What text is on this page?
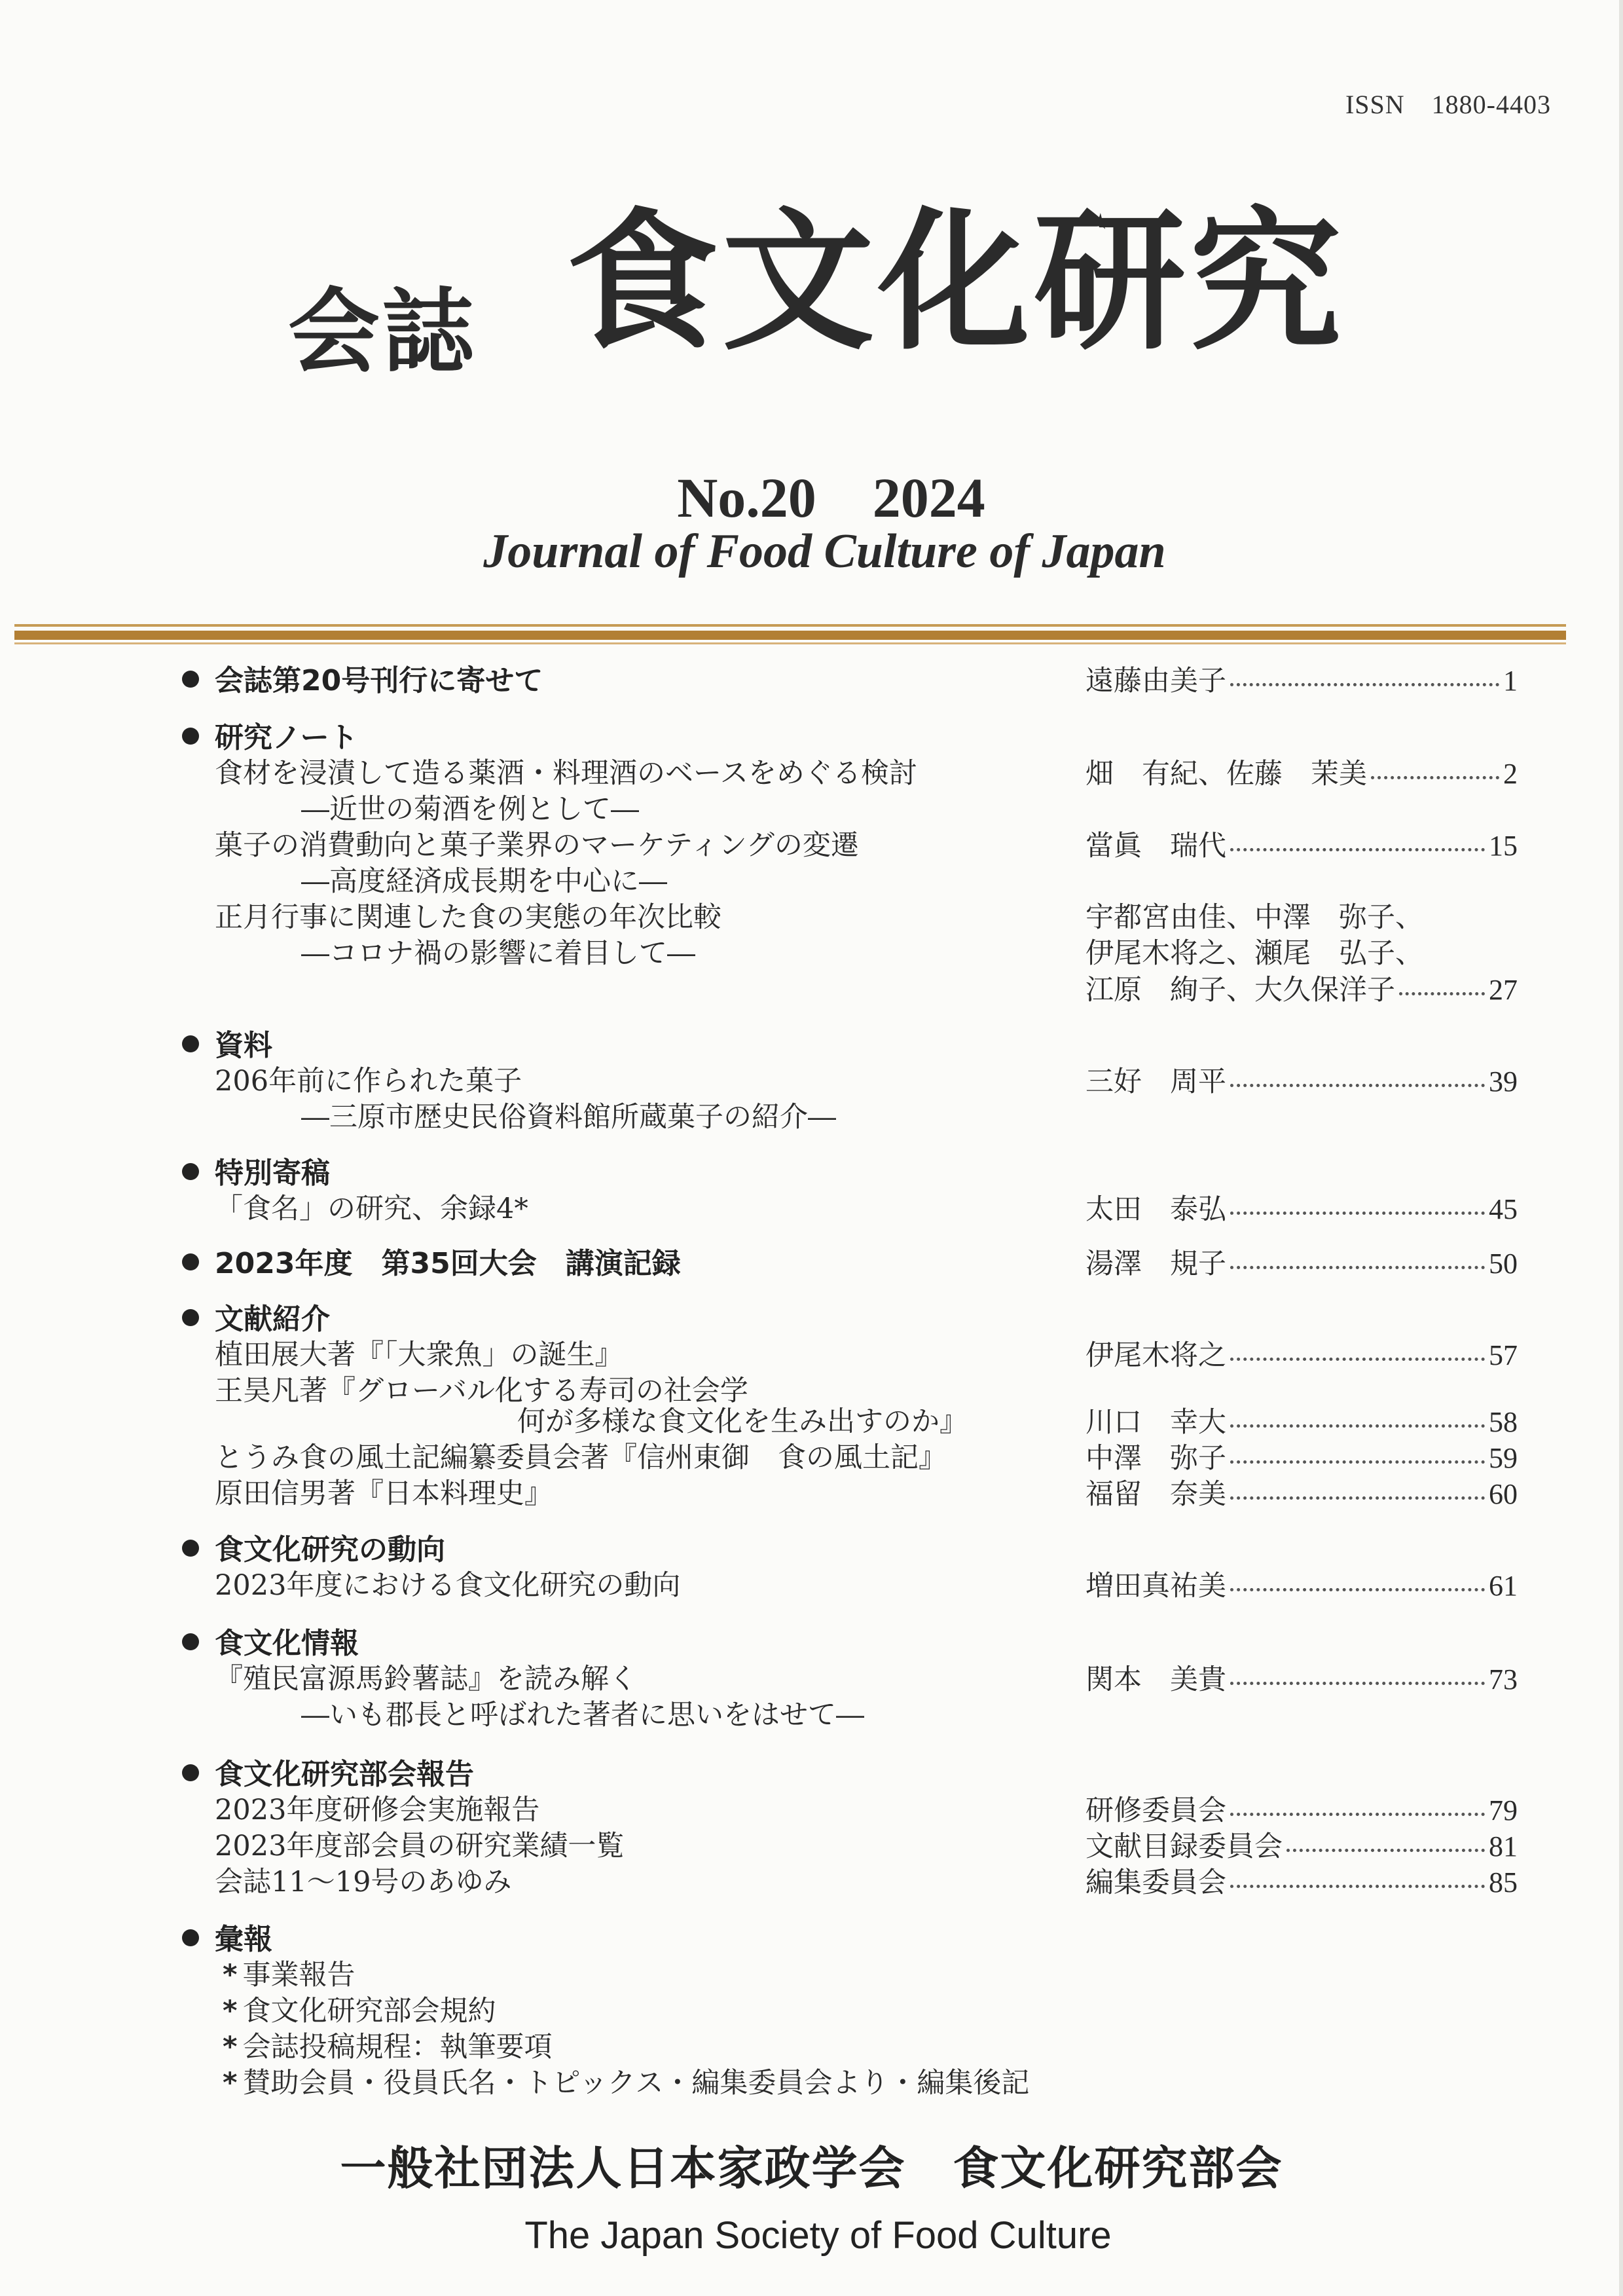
ISSN　1880-4403
会誌 食文化研究
No.20　2024
Journal of Food Culture of Japan
会誌第20号刊行に寄せて	遠藤由美子	1
研究ノート
食材を浸漬して造る薬酒・料理酒のベースをめぐる検討	畑　有紀、佐藤　茉美	2
―近世の菊酒を例として―
菓子の消費動向と菓子業界のマーケティングの変遷	當眞　瑞代	15
―高度経済成長期を中心に―
正月行事に関連した食の実態の年次比較	宇都宮由佳、中澤　弥子、
―コロナ禍の影響に着目して―	伊尾木将之、瀬尾　弘子、
江原　絢子、大久保洋子	27
資料
206年前に作られた菓子	三好　周平	39
―三原市歴史民俗資料館所蔵菓子の紹介―
特別寄稿
「食名」の研究、余録4*	太田　泰弘	45
2023年度　第35回大会　講演記録	湯澤　規子	50
文献紹介
植田展大著『「大衆魚」の誕生』	伊尾木将之	57
王昊凡著『グローバル化する寿司の社会学
何が多様な食文化を生み出すのか』	川口　幸大	58
とうみ食の風土記編纂委員会著『信州東御　食の風土記』	中澤　弥子	59
原田信男著『日本料理史』	福留　奈美	60
食文化研究の動向
2023年度における食文化研究の動向	増田真祐美	61
食文化情報
『殖民富源馬鈴薯誌』を読み解く	関本　美貴	73
―いも郡長と呼ばれた著者に思いをはせて―
食文化研究部会報告
2023年度研修会実施報告	研修委員会	79
2023年度部会員の研究業績一覧	文献目録委員会	81
会誌11～19号のあゆみ	編集委員会	85
彙報
* 事業報告
* 食文化研究部会規約
* 会誌投稿規程：執筆要項
* 賛助会員・役員氏名・トピックス・編集委員会より・編集後記
一般社団法人日本家政学会　食文化研究部会
The Japan Society of Food Culture
